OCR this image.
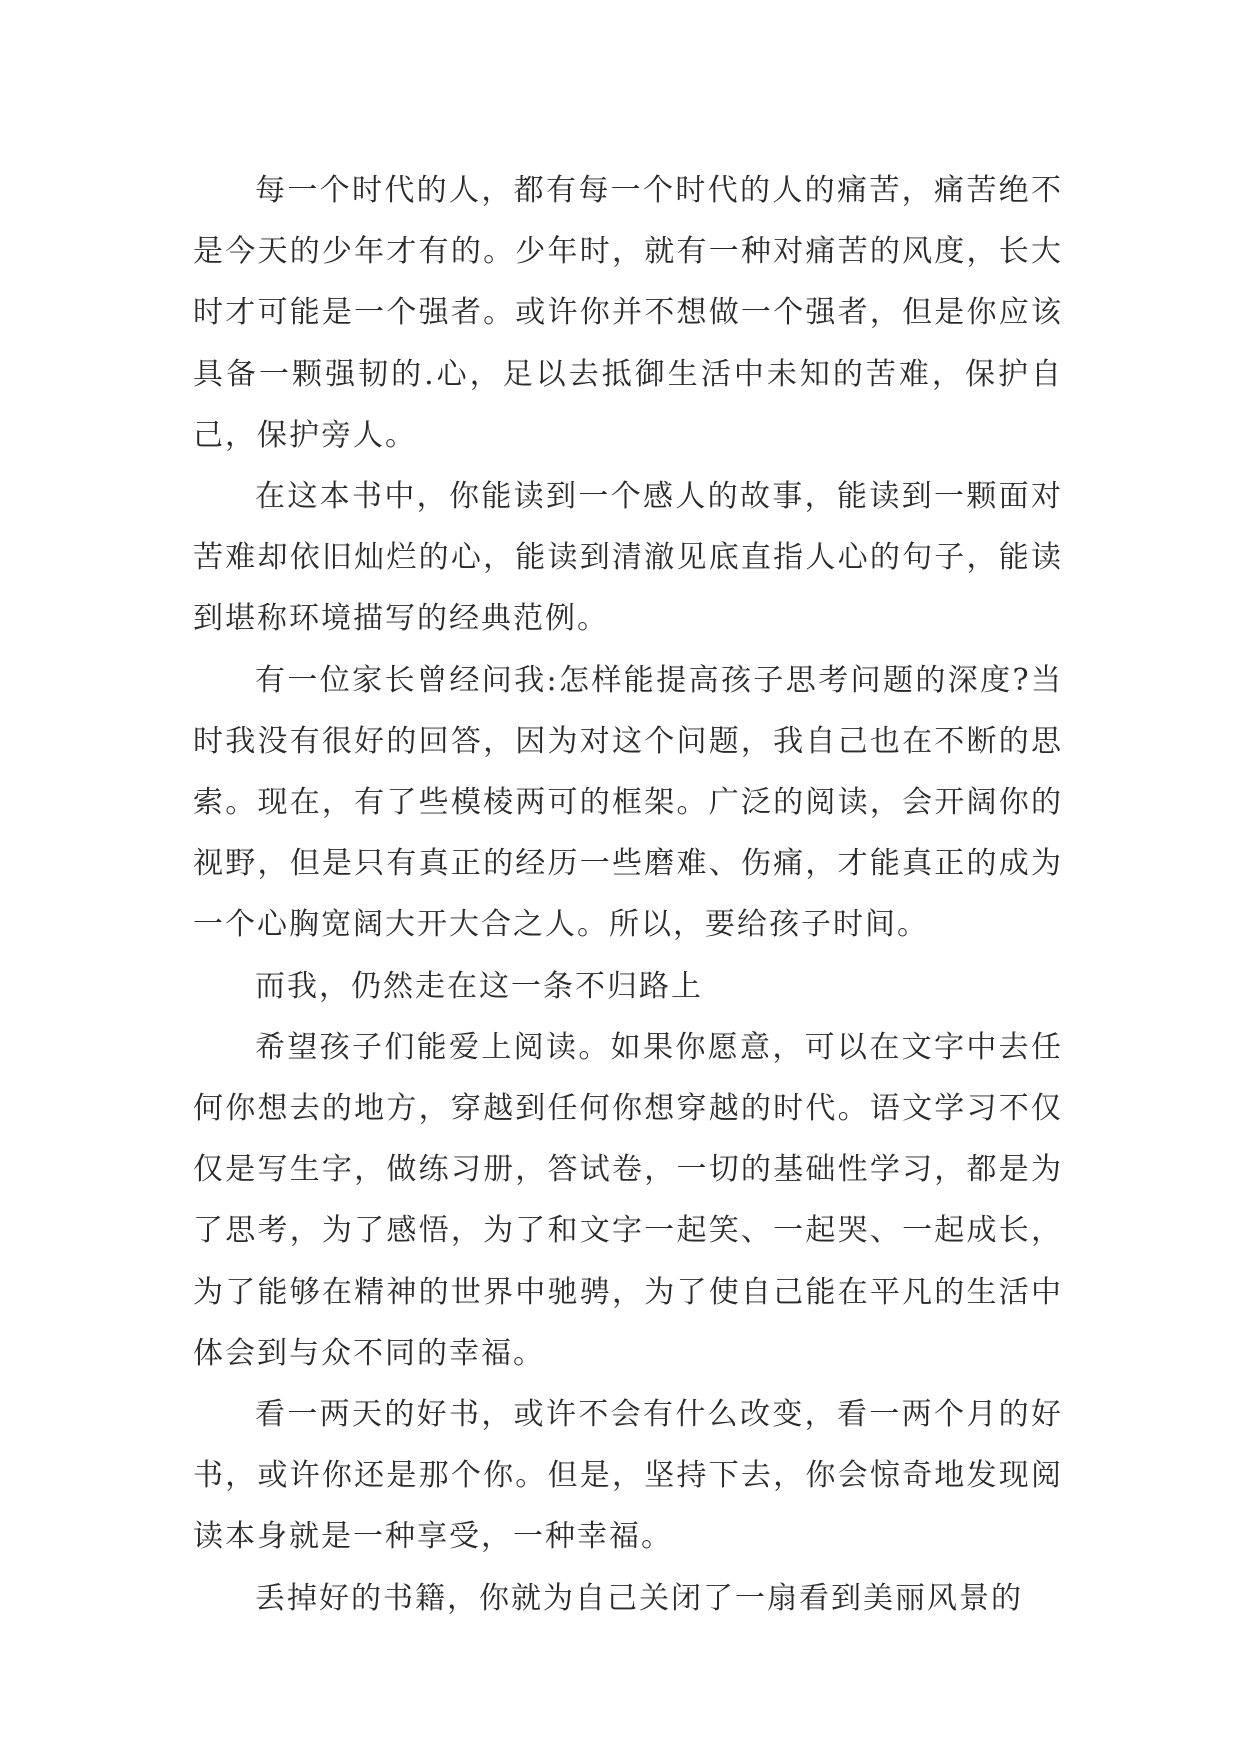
每一个时代的人，都有每一个时代的人的痛苦，痛苦绝不是今天的少年才有的。少年时，就有一种对痛苦的风度，长大时才可能是一个强者。或许你并不想做一个强者，但是你应该具备一颗强韧的.心，足以去抵御生活中未知的苦难，保护自己，保护旁人。

在这本书中，你能读到一个感人的故事，能读到一颗面对苦难却依旧灿烂的心，能读到清澈见底直指人心的句子，能读到堪称环境描写的经典范例。

有一位家长曾经问我:怎样能提高孩子思考问题的深度?当时我没有很好的回答，因为对这个问题，我自己也在不断的思索。现在，有了些模棱两可的框架。广泛的阅读，会开阔你的视野，但是只有真正的经历一些磨难、伤痛，才能真正的成为一个心胸宽阔大开大合之人。所以，要给孩子时间。

而我，仍然走在这一条不归路上

希望孩子们能爱上阅读。如果你愿意，可以在文字中去任何你想去的地方，穿越到任何你想穿越的时代。语文学习不仅仅是写生字，做练习册，答试卷，一切的基础性学习，都是为了思考，为了感悟，为了和文字一起笑、一起哭、一起成长，为了能够在精神的世界中驰骋，为了使自己能在平凡的生活中体会到与众不同的幸福。

看一两天的好书，或许不会有什么改变，看一两个月的好书，或许你还是那个你。但是，坚持下去，你会惊奇地发现阅读本身就是一种享受，一种幸福。

丢掉好的书籍，你就为自己关闭了一扇看到美丽风景的
